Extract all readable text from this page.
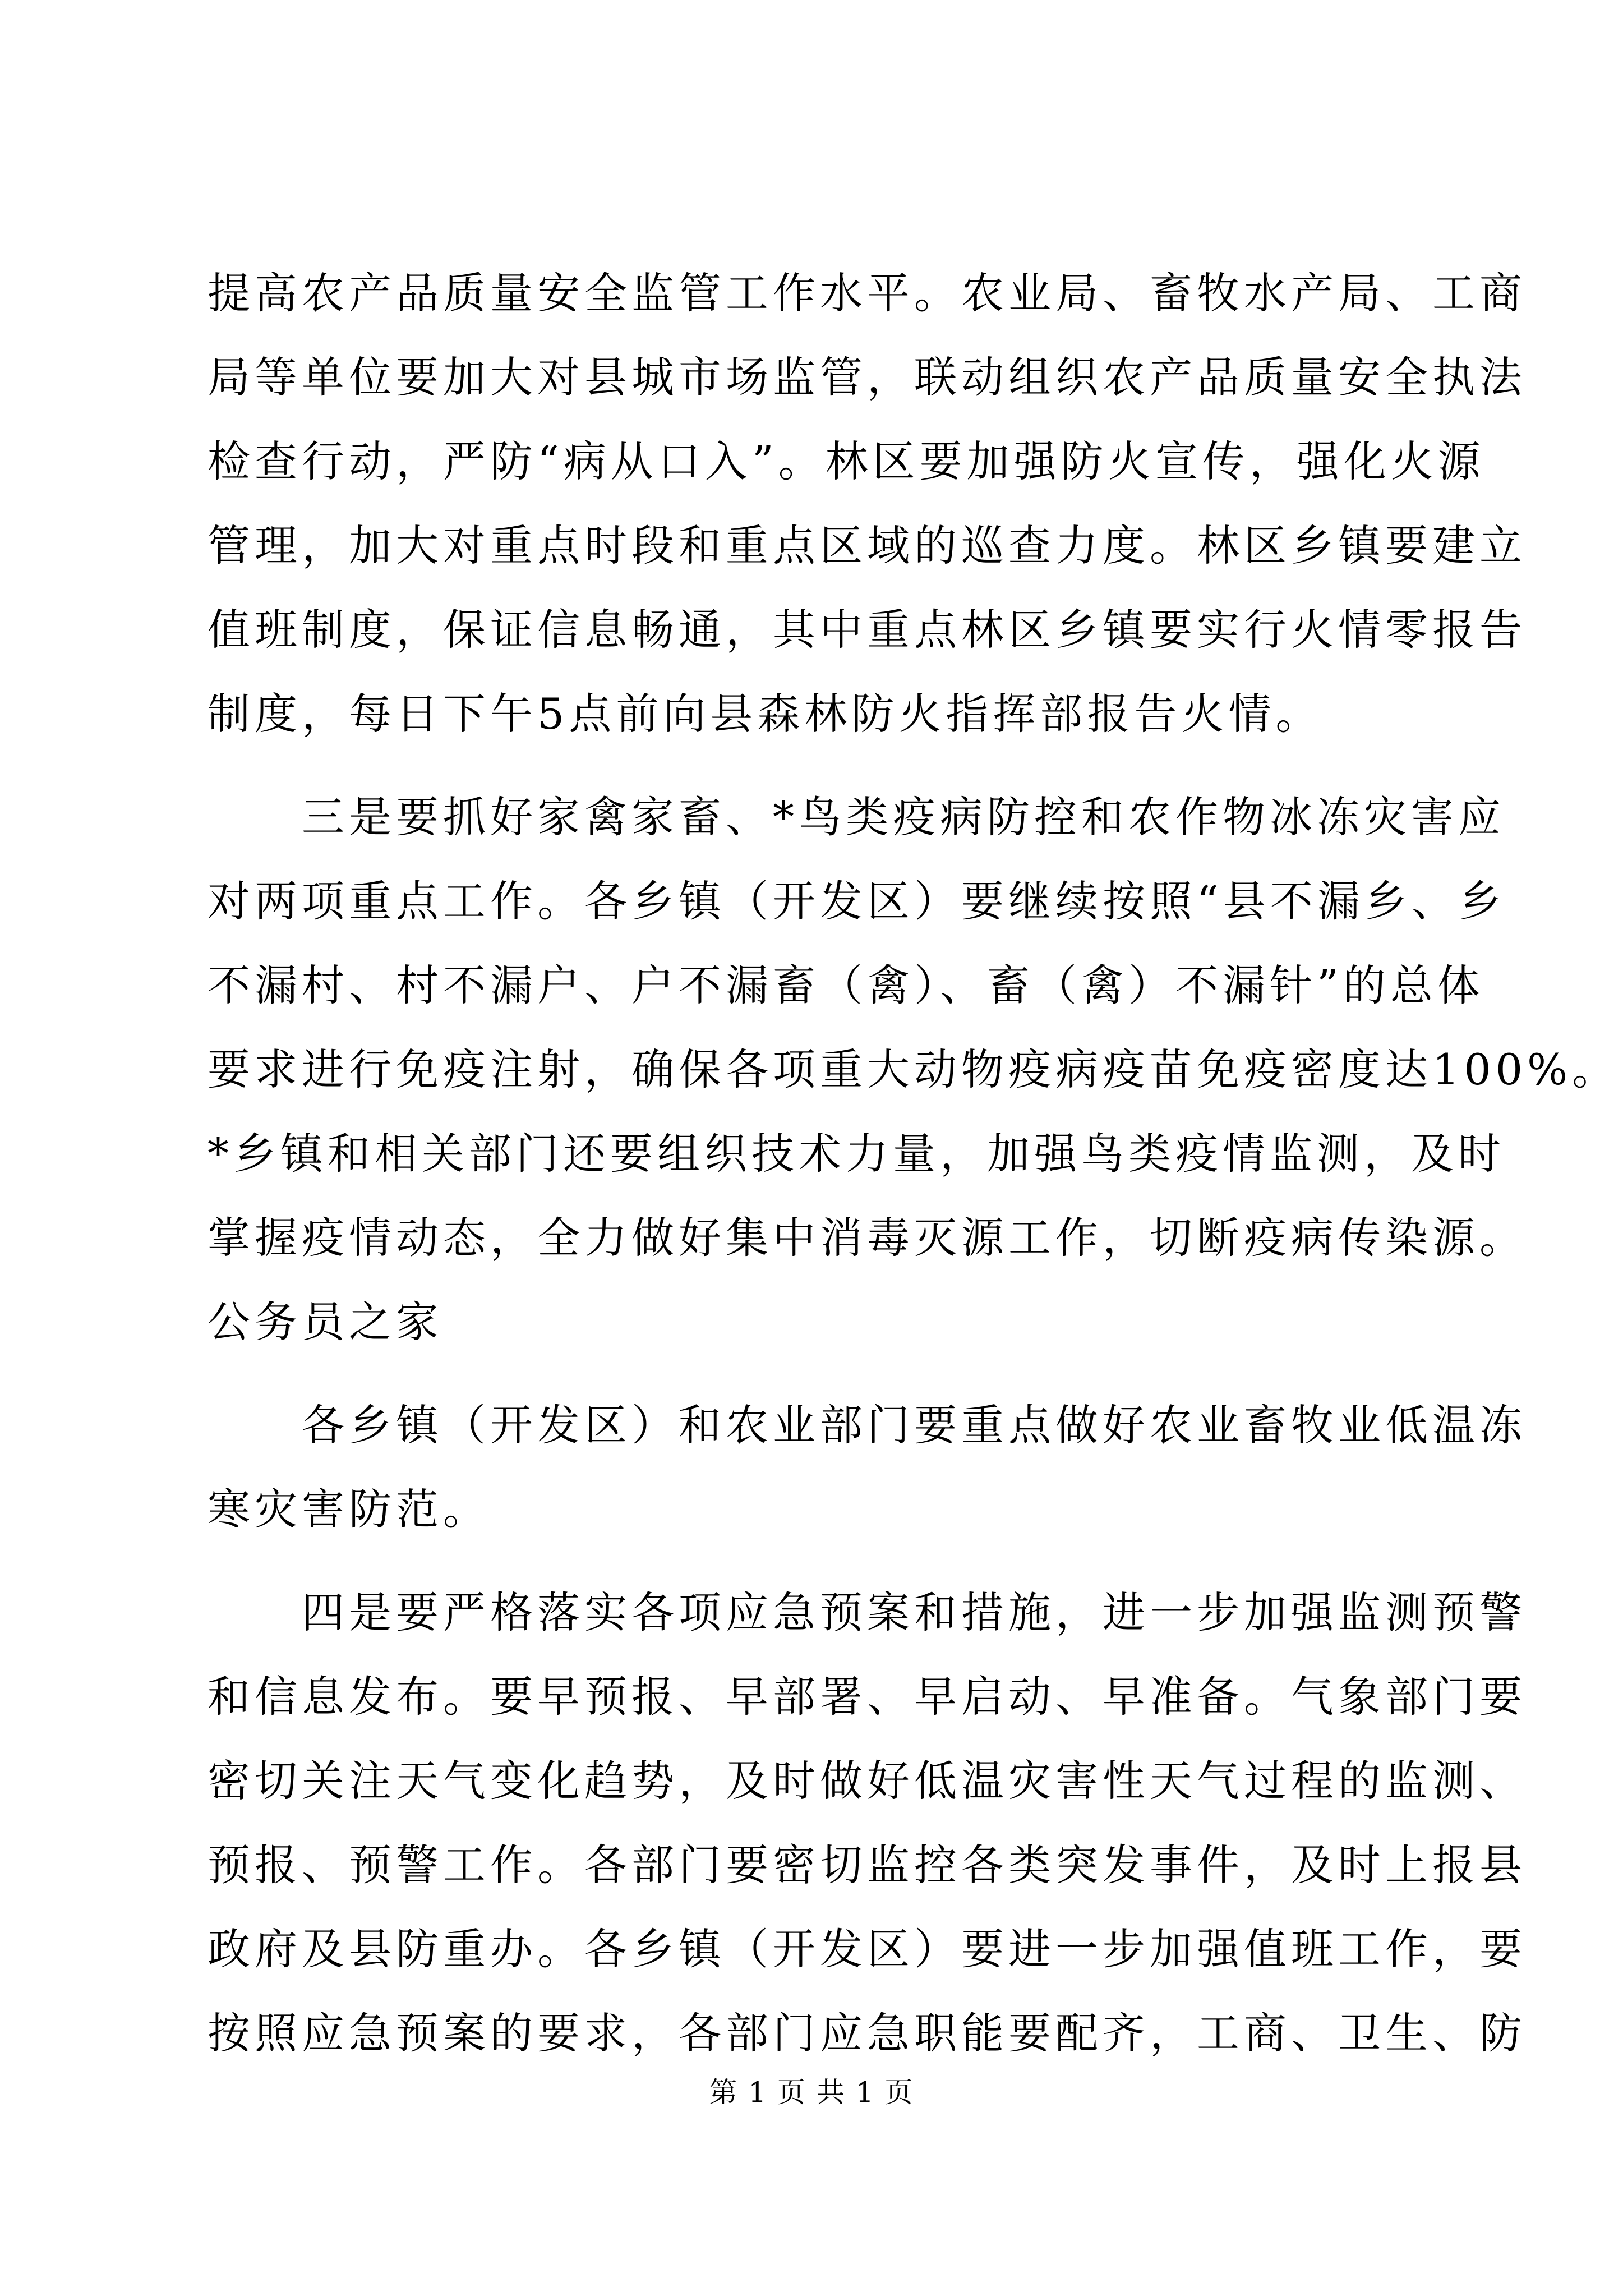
提高农产品质量安全监管工作水平。农业局、畜牧水产局、工商
局等单位要加大对县城市场监管，联动组织农产品质量安全执法
检查行动，严防“病从口入”。林区要加强防火宣传，强化火源
管理，加大对重点时段和重点区域的巡查力度。林区乡镇要建立
值班制度，保证信息畅通，其中重点林区乡镇要实行火情零报告
制度，每日下午5点前向县森林防火指挥部报告火情。
三是要抓好家禽家畜、*鸟类疫病防控和农作物冰冻灾害应
对两项重点工作。各乡镇（开发区）要继续按照“县不漏乡、乡
不漏村、村不漏户、户不漏畜（禽）、畜（禽）不漏针”的总体
要求进行免疫注射，确保各项重大动物疫病疫苗免疫密度达100%。
*乡镇和相关部门还要组织技术力量，加强鸟类疫情监测，及时
掌握疫情动态，全力做好集中消毒灭源工作，切断疫病传染源。
公务员之家
各乡镇（开发区）和农业部门要重点做好农业畜牧业低温冻
寒灾害防范。
四是要严格落实各项应急预案和措施，进一步加强监测预警
和信息发布。要早预报、早部署、早启动、早准备。气象部门要
密切关注天气变化趋势，及时做好低温灾害性天气过程的监测、
预报、预警工作。各部门要密切监控各类突发事件，及时上报县
政府及县防重办。各乡镇（开发区）要进一步加强值班工作，要
按照应急预案的要求，各部门应急职能要配齐，工商、卫生、防
第 1 页 共 1 页
